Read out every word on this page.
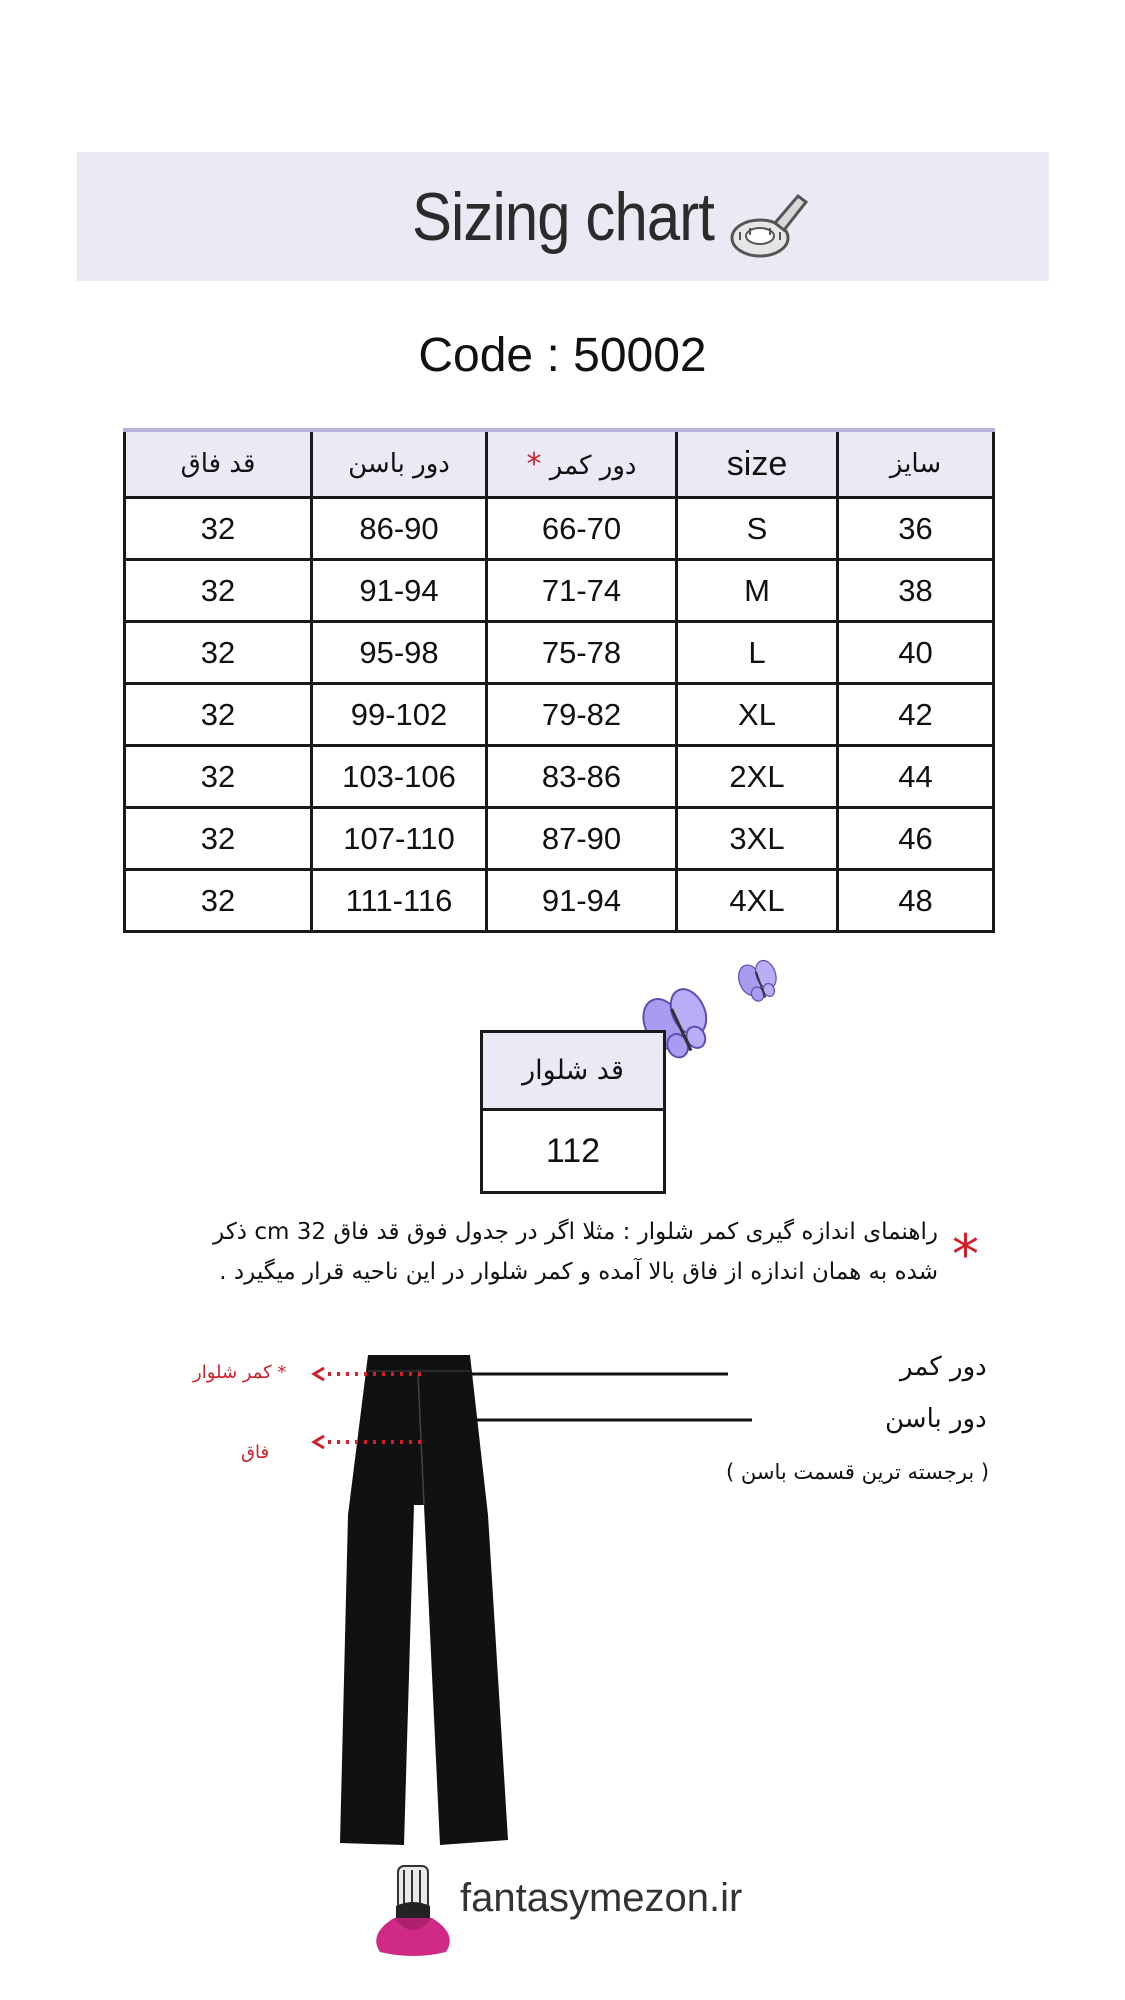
Sizing chart
Code : 50002
قد فاق	دور باسن	* دور کمر	size	سایز
32	86-90	66-70	S	36
32	91-94	71-74	M	38
32	95-98	75-78	L	40
32	99-102	79-82	XL	42
32	103-106	83-86	2XL	44
32	107-110	87-90	3XL	46
32	111-116	91-94	4XL	48
قد شلوار
112
*
راهنمای اندازه گیری کمر شلوار : مثلا اگر در جدول فوق قد فاق 32 cm ذکر
شده به همان اندازه از فاق بالا آمده و کمر شلوار در این ناحیه قرار میگیرد .
دور کمر
دور باسن
( برجسته ترین قسمت باسن )
* کمر شلوار
فاق
fantasymezon.ir
